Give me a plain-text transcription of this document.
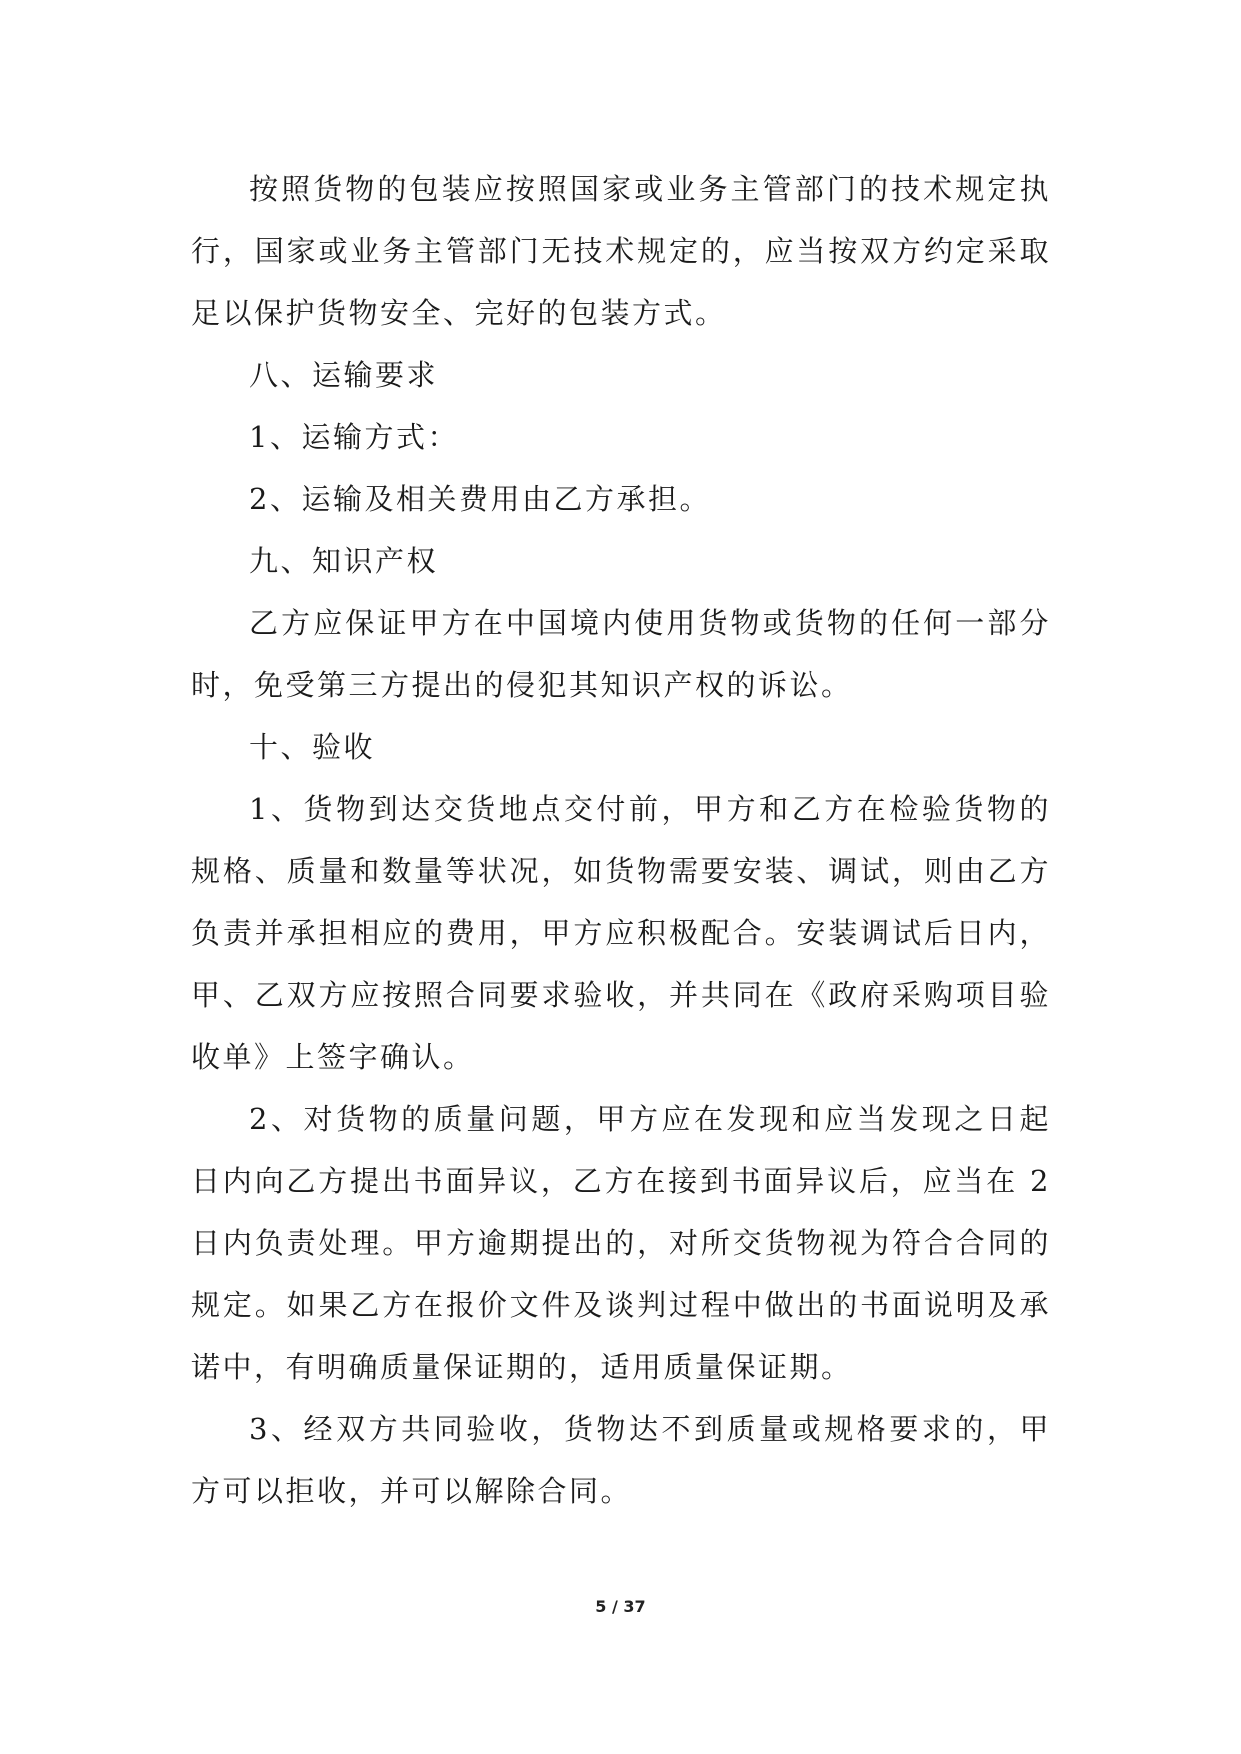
按照货物的包装应按照国家或业务主管部门的技术规定执行，国家或业务主管部门无技术规定的，应当按双方约定采取足以保护货物安全、完好的包装方式。

八、运输要求

1、运输方式：

2、运输及相关费用由乙方承担。

九、知识产权

乙方应保证甲方在中国境内使用货物或货物的任何一部分时，免受第三方提出的侵犯其知识产权的诉讼。

十、验收

1、货物到达交货地点交付前，甲方和乙方在检验货物的规格、质量和数量等状况，如货物需要安装、调试，则由乙方负责并承担相应的费用，甲方应积极配合。安装调试后日内，甲、乙双方应按照合同要求验收，并共同在《政府采购项目验收单》上签字确认。

2、对货物的质量问题，甲方应在发现和应当发现之日起日内向乙方提出书面异议，乙方在接到书面异议后，应当在 2 日内负责处理。甲方逾期提出的，对所交货物视为符合合同的规定。如果乙方在报价文件及谈判过程中做出的书面说明及承诺中，有明确质量保证期的，适用质量保证期。

3、经双方共同验收，货物达不到质量或规格要求的，甲方可以拒收，并可以解除合同。

5 / 37
